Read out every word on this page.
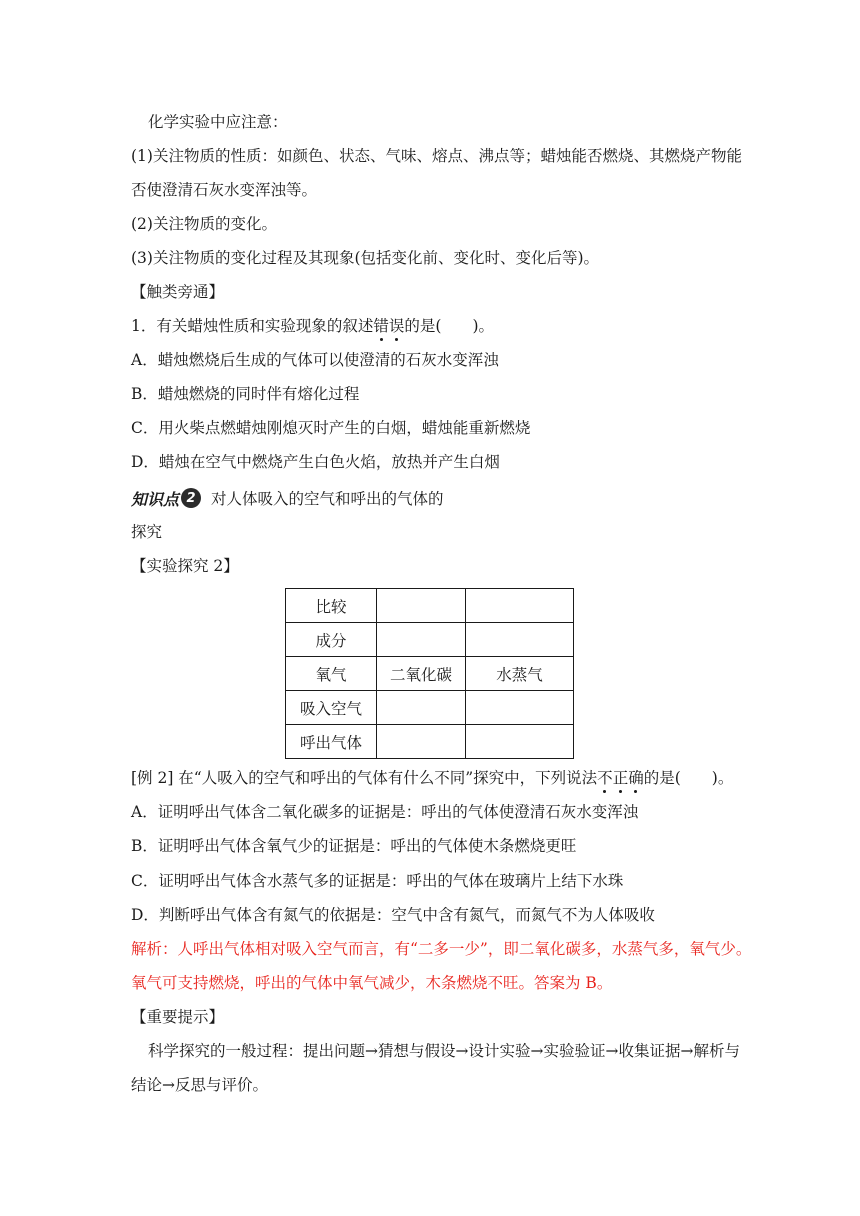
化学实验中应注意：
(1)关注物质的性质：如颜色、状态、气味、熔点、沸点等；蜡烛能否燃烧、其燃烧产物能
否使澄清石灰水变浑浊等。
(2)关注物质的变化。
(3)关注物质的变化过程及其现象(包括变化前、变化时、变化后等)。
【触类旁通】
1．有关蜡烛性质和实验现象的叙述错误的是(　　)。
A．蜡烛燃烧后生成的气体可以使澄清的石灰水变浑浊
B．蜡烛燃烧的同时伴有熔化过程
C．用火柴点燃蜡烛刚熄灭时产生的白烟，蜡烛能重新燃烧
D．蜡烛在空气中燃烧产生白色火焰，放热并产生白烟
知识点 2 对人体吸入的空气和呼出的气体的
探究
【实验探究 2】
比较		
成分		
氧气	二氧化碳	水蒸气
吸入空气		
呼出气体		
[例 2] 在“人吸入的空气和呼出的气体有什么不同”探究中，下列说法不正确的是(　　)。
A．证明呼出气体含二氧化碳多的证据是：呼出的气体使澄清石灰水变浑浊
B．证明呼出气体含氧气少的证据是：呼出的气体使木条燃烧更旺
C．证明呼出气体含水蒸气多的证据是：呼出的气体在玻璃片上结下水珠
D．判断呼出气体含有氮气的依据是：空气中含有氮气，而氮气不为人体吸收
解析：人呼出气体相对吸入空气而言，有“二多一少”，即二氧化碳多，水蒸气多，氧气少。
氧气可支持燃烧，呼出的气体中氧气减少，木条燃烧不旺。答案为 B。
【重要提示】
科学探究的一般过程：提出问题→猜想与假设→设计实验→实验验证→收集证据→解析与
结论→反思与评价。
